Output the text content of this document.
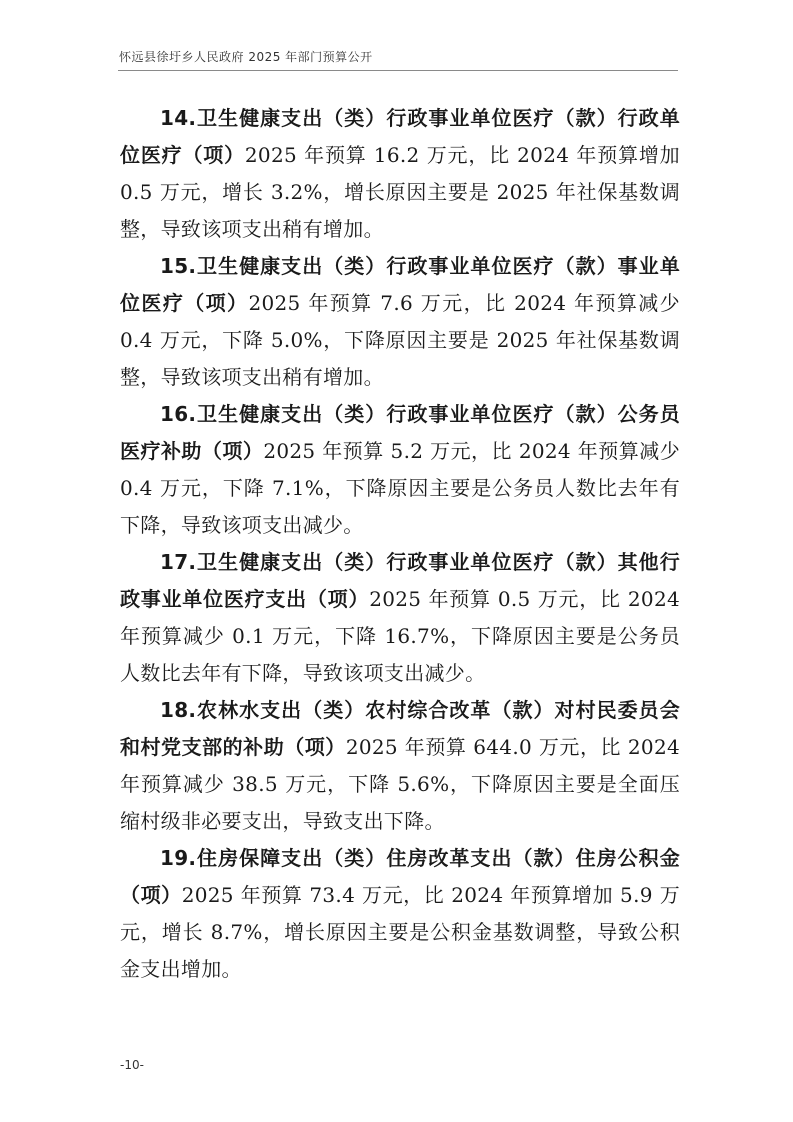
怀远县徐圩乡人民政府 2025 年部门预算公开

14.卫生健康支出（类）行政事业单位医疗（款）行政单位医疗（项）2025 年预算 16.2 万元，比 2024 年预算增加 0.5 万元，增长 3.2%，增长原因主要是 2025 年社保基数调整，导致该项支出稍有增加。

15.卫生健康支出（类）行政事业单位医疗（款）事业单位医疗（项）2025 年预算 7.6 万元，比 2024 年预算减少 0.4 万元，下降 5.0%，下降原因主要是 2025 年社保基数调整，导致该项支出稍有增加。

16.卫生健康支出（类）行政事业单位医疗（款）公务员医疗补助（项）2025 年预算 5.2 万元，比 2024 年预算减少 0.4 万元，下降 7.1%，下降原因主要是公务员人数比去年有下降，导致该项支出减少。

17.卫生健康支出（类）行政事业单位医疗（款）其他行政事业单位医疗支出（项）2025 年预算 0.5 万元，比 2024 年预算减少 0.1 万元，下降 16.7%，下降原因主要是公务员人数比去年有下降，导致该项支出减少。

18.农林水支出（类）农村综合改革（款）对村民委员会和村党支部的补助（项）2025 年预算 644.0 万元，比 2024 年预算减少 38.5 万元，下降 5.6%，下降原因主要是全面压缩村级非必要支出，导致支出下降。

19.住房保障支出（类）住房改革支出（款）住房公积金（项）2025 年预算 73.4 万元，比 2024 年预算增加 5.9 万元，增长 8.7%，增长原因主要是公积金基数调整，导致公积金支出增加。

-10-
